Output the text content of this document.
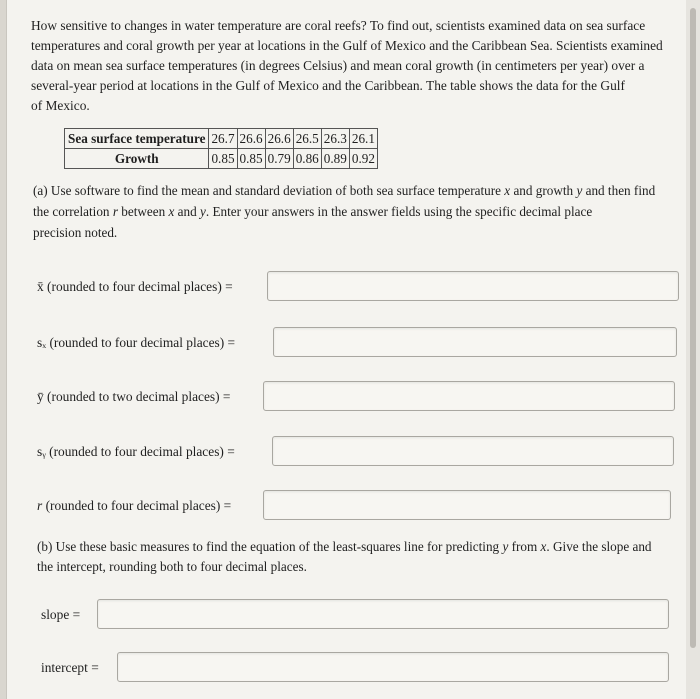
How sensitive to changes in water temperature are coral reefs? To find out, scientists examined data on sea surface
temperatures and coral growth per year at locations in the Gulf of Mexico and the Caribbean Sea. Scientists examined
data on mean sea surface temperatures (in degrees Celsius) and mean coral growth (in centimeters per year) over a
several-year period at locations in the Gulf of Mexico and the Caribbean. The table shows the data for the Gulf
of Mexico.
Sea surface temperature	26.7	26.6	26.6	26.5	26.3	26.1
Growth	0.85	0.85	0.79	0.86	0.89	0.92
(a) Use software to find the mean and standard deviation of both sea surface temperature x and growth y and then find
the correlation r between x and y. Enter your answers in the answer fields using the specific decimal place
precision noted.
x̄ (rounded to four decimal places) =
sₓ (rounded to four decimal places) =
ȳ (rounded to two decimal places) =
sᵧ (rounded to four decimal places) =
r (rounded to four decimal places) =
(b) Use these basic measures to find the equation of the least-squares line for predicting y from x. Give the slope and
the intercept, rounding both to four decimal places.
slope =
intercept =
